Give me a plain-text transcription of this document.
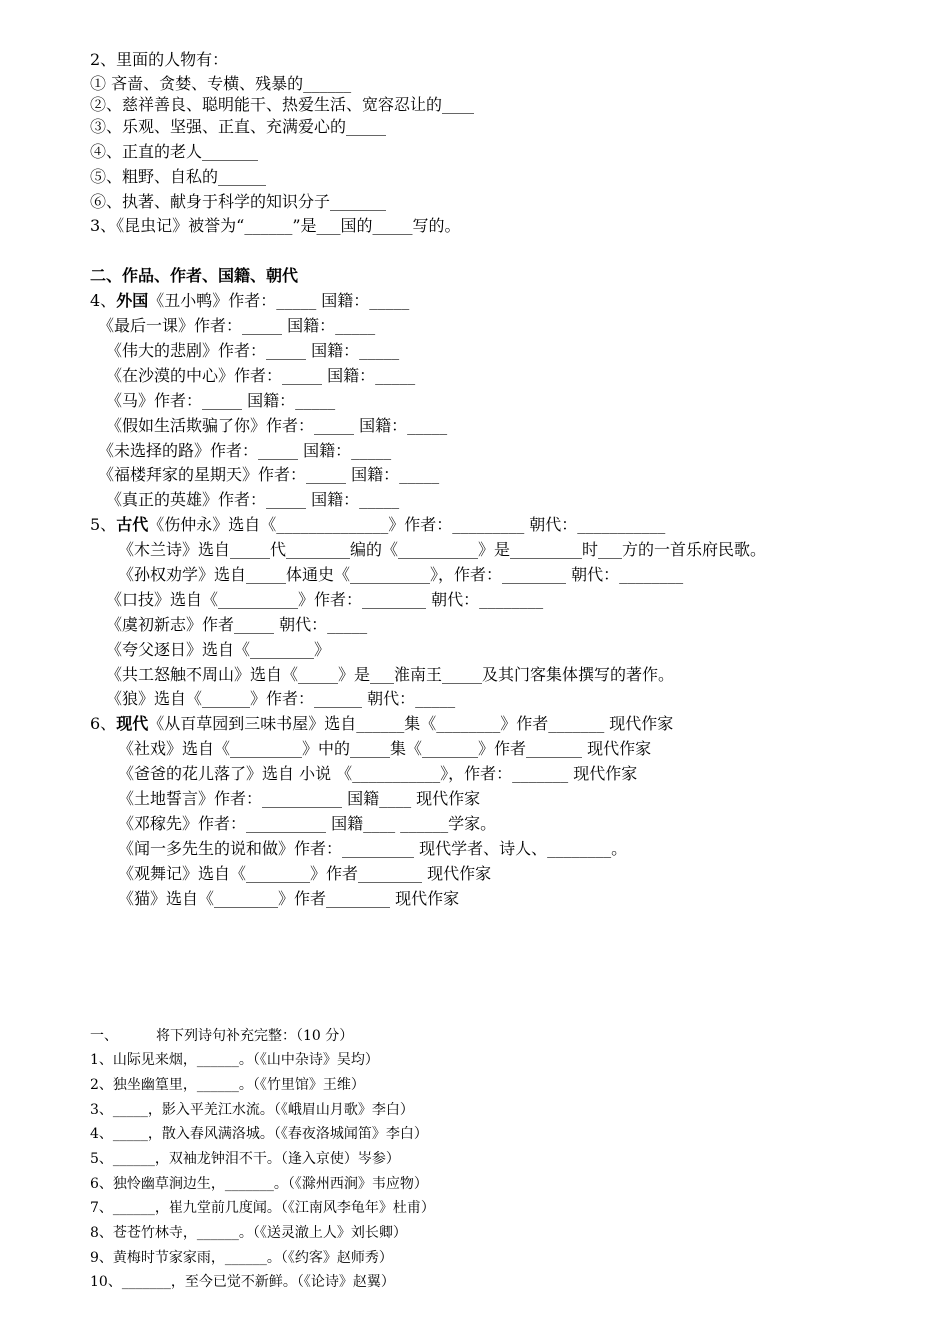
2、里面的人物有：
① 吝啬、贪婪、专横、残暴的______
②、慈祥善良、聪明能干、热爱生活、宽容忍让的____
③、乐观、坚强、正直、充满爱心的_____
④、正直的老人_______
⑤、粗野、自私的______
⑥、执著、献身于科学的知识分子_______
3、《昆虫记》被誉为“______”是___国的_____写的。
二、作品、作者、国籍、朝代
4、外国《丑小鸭》作者：_____ 国籍：_____
《最后一课》作者：_____ 国籍：_____
《伟大的悲剧》作者：_____ 国籍：_____
《在沙漠的中心》作者：_____ 国籍：_____
《马》作者：_____ 国籍：_____
《假如生活欺骗了你》作者：_____ 国籍：_____
《未选择的路》作者：_____ 国籍：_____
《福楼拜家的星期天》作者：_____ 国籍：_____
《真正的英雄》作者：_____ 国籍：_____
5、古代《伤仲永》选自《______________》作者：_________ 朝代：___________
《木兰诗》选自_____代________编的《__________》是_________时___方的一首乐府民歌。
《孙权劝学》选自_____体通史《__________》，作者：________ 朝代：________
《口技》选自《__________》作者：________ 朝代：________
《虞初新志》作者_____ 朝代：_____
《夸父逐日》选自《________》
《共工怒触不周山》选自《_____》是___淮南王_____及其门客集体撰写的著作。
《狼》选自《______》作者：______ 朝代：_____
6、现代《从百草园到三味书屋》选自______集《________》作者_______ 现代作家
《社戏》选自《_________》中的_____集《_______》作者_______ 现代作家
《爸爸的花儿落了》选自 小说 《___________》，作者：_______ 现代作家
《土地誓言》作者：__________ 国籍____ 现代作家
《邓稼先》作者：__________ 国籍____ ______学家。
《闻一多先生的说和做》作者：_________ 现代学者、诗人、________。
《观舞记》选自《________》作者________ 现代作家
《猫》选自《________》作者________ 现代作家
一、	将下列诗句补充完整：（10 分）
1、山际见来烟，______。（《山中杂诗》吴均）
2、独坐幽篁里，______。（《竹里馆》王维）
3、_____，影入平羌江水流。（《峨眉山月歌》李白）
4、_____，散入春风满洛城。（《春夜洛城闻笛》李白）
5、______，双袖龙钟泪不干。（逢入京使）岑参）
6、独怜幽草涧边生，_______。（《滁州西涧》韦应物）
7、______，崔九堂前几度闻。（《江南风李龟年》杜甫）
8、苍苍竹林寺，______。（《送灵澈上人》刘长卿）
9、黄梅时节家家雨，______。（《约客》赵师秀）
10、_______，至今已觉不新鲜。（《论诗》赵翼）
